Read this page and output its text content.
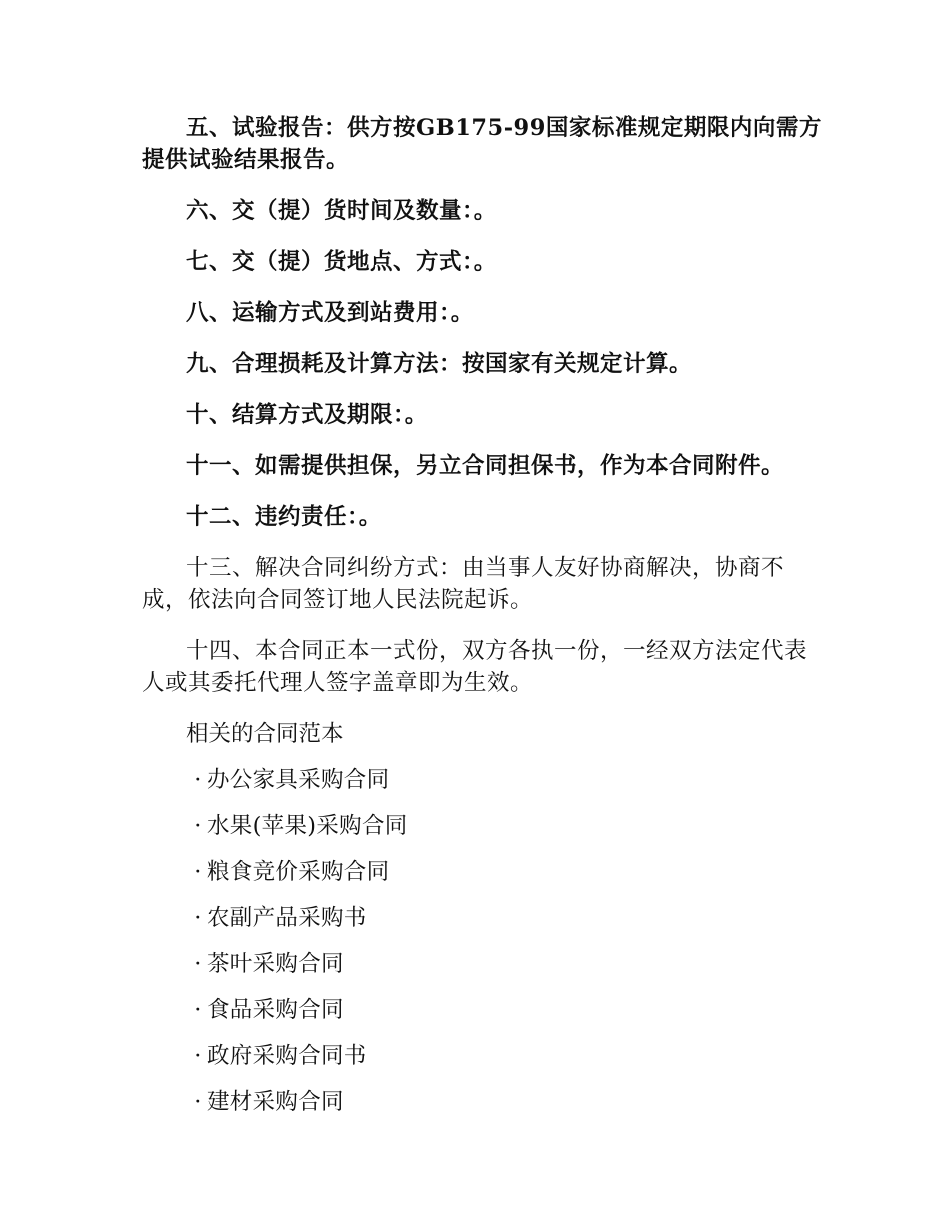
五、试验报告：供方按GB175-99国家标准规定期限内向需方提供试验结果报告。

六、交（提）货时间及数量：。

七、交（提）货地点、方式：。

八、运输方式及到站费用：。

九、合理损耗及计算方法：按国家有关规定计算。

十、结算方式及期限：。

十一、如需提供担保，另立合同担保书，作为本合同附件。

十二、违约责任：。

十三、解决合同纠纷方式：由当事人友好协商解决，协商不成，依法向合同签订地人民法院起诉。

十四、本合同正本一式份，双方各执一份，一经双方法定代表人或其委托代理人签字盖章即为生效。

相关的合同范本

· 办公家具采购合同
· 水果(苹果)采购合同
· 粮食竞价采购合同
· 农副产品采购书
· 茶叶采购合同
· 食品采购合同
· 政府采购合同书
· 建材采购合同
